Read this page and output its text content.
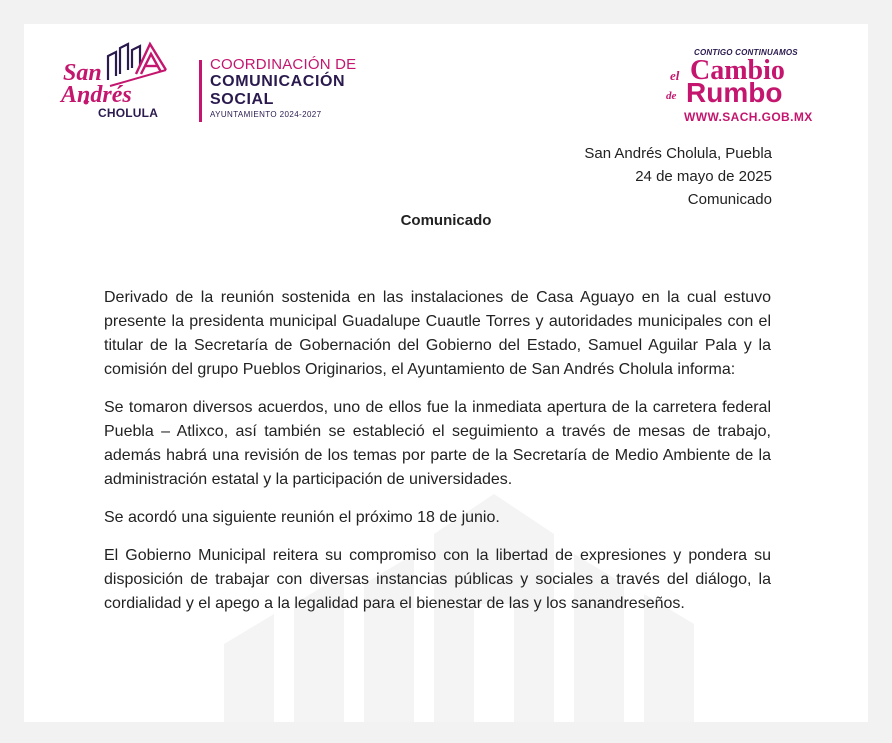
San
Andrés
CHOLULA
COORDINACIÓN DE
COMUNICACIÓN
SOCIAL
AYUNTAMIENTO 2024-2027
CONTIGO CONTINUAMOS
el Cambio
de Rumbo
WWW.SACH.GOB.MX
San Andrés Cholula, Puebla
24 de mayo de 2025
Comunicado
Comunicado

Derivado de la reunión sostenida en las instalaciones de Casa Aguayo en la cual estuvo presente la presidenta municipal Guadalupe Cuautle Torres y autoridades municipales con el titular de la Secretaría de Gobernación del Gobierno del Estado, Samuel Aguilar Pala y la comisión del grupo Pueblos Originarios, el Ayuntamiento de San Andrés Cholula informa:

Se tomaron diversos acuerdos, uno de ellos fue la inmediata apertura de la carretera federal Puebla – Atlixco, así también se estableció el seguimiento a través de mesas de trabajo, además habrá una revisión de los temas por parte de la Secretaría de Medio Ambiente de la administración estatal y la participación de universidades.

Se acordó una siguiente reunión el próximo 18 de junio.

El Gobierno Municipal reitera su compromiso con la libertad de expresiones y pondera su disposición de trabajar con diversas instancias públicas y sociales a través del diálogo, la cordialidad y el apego a la legalidad para el bienestar de las y los sanandreseños.
